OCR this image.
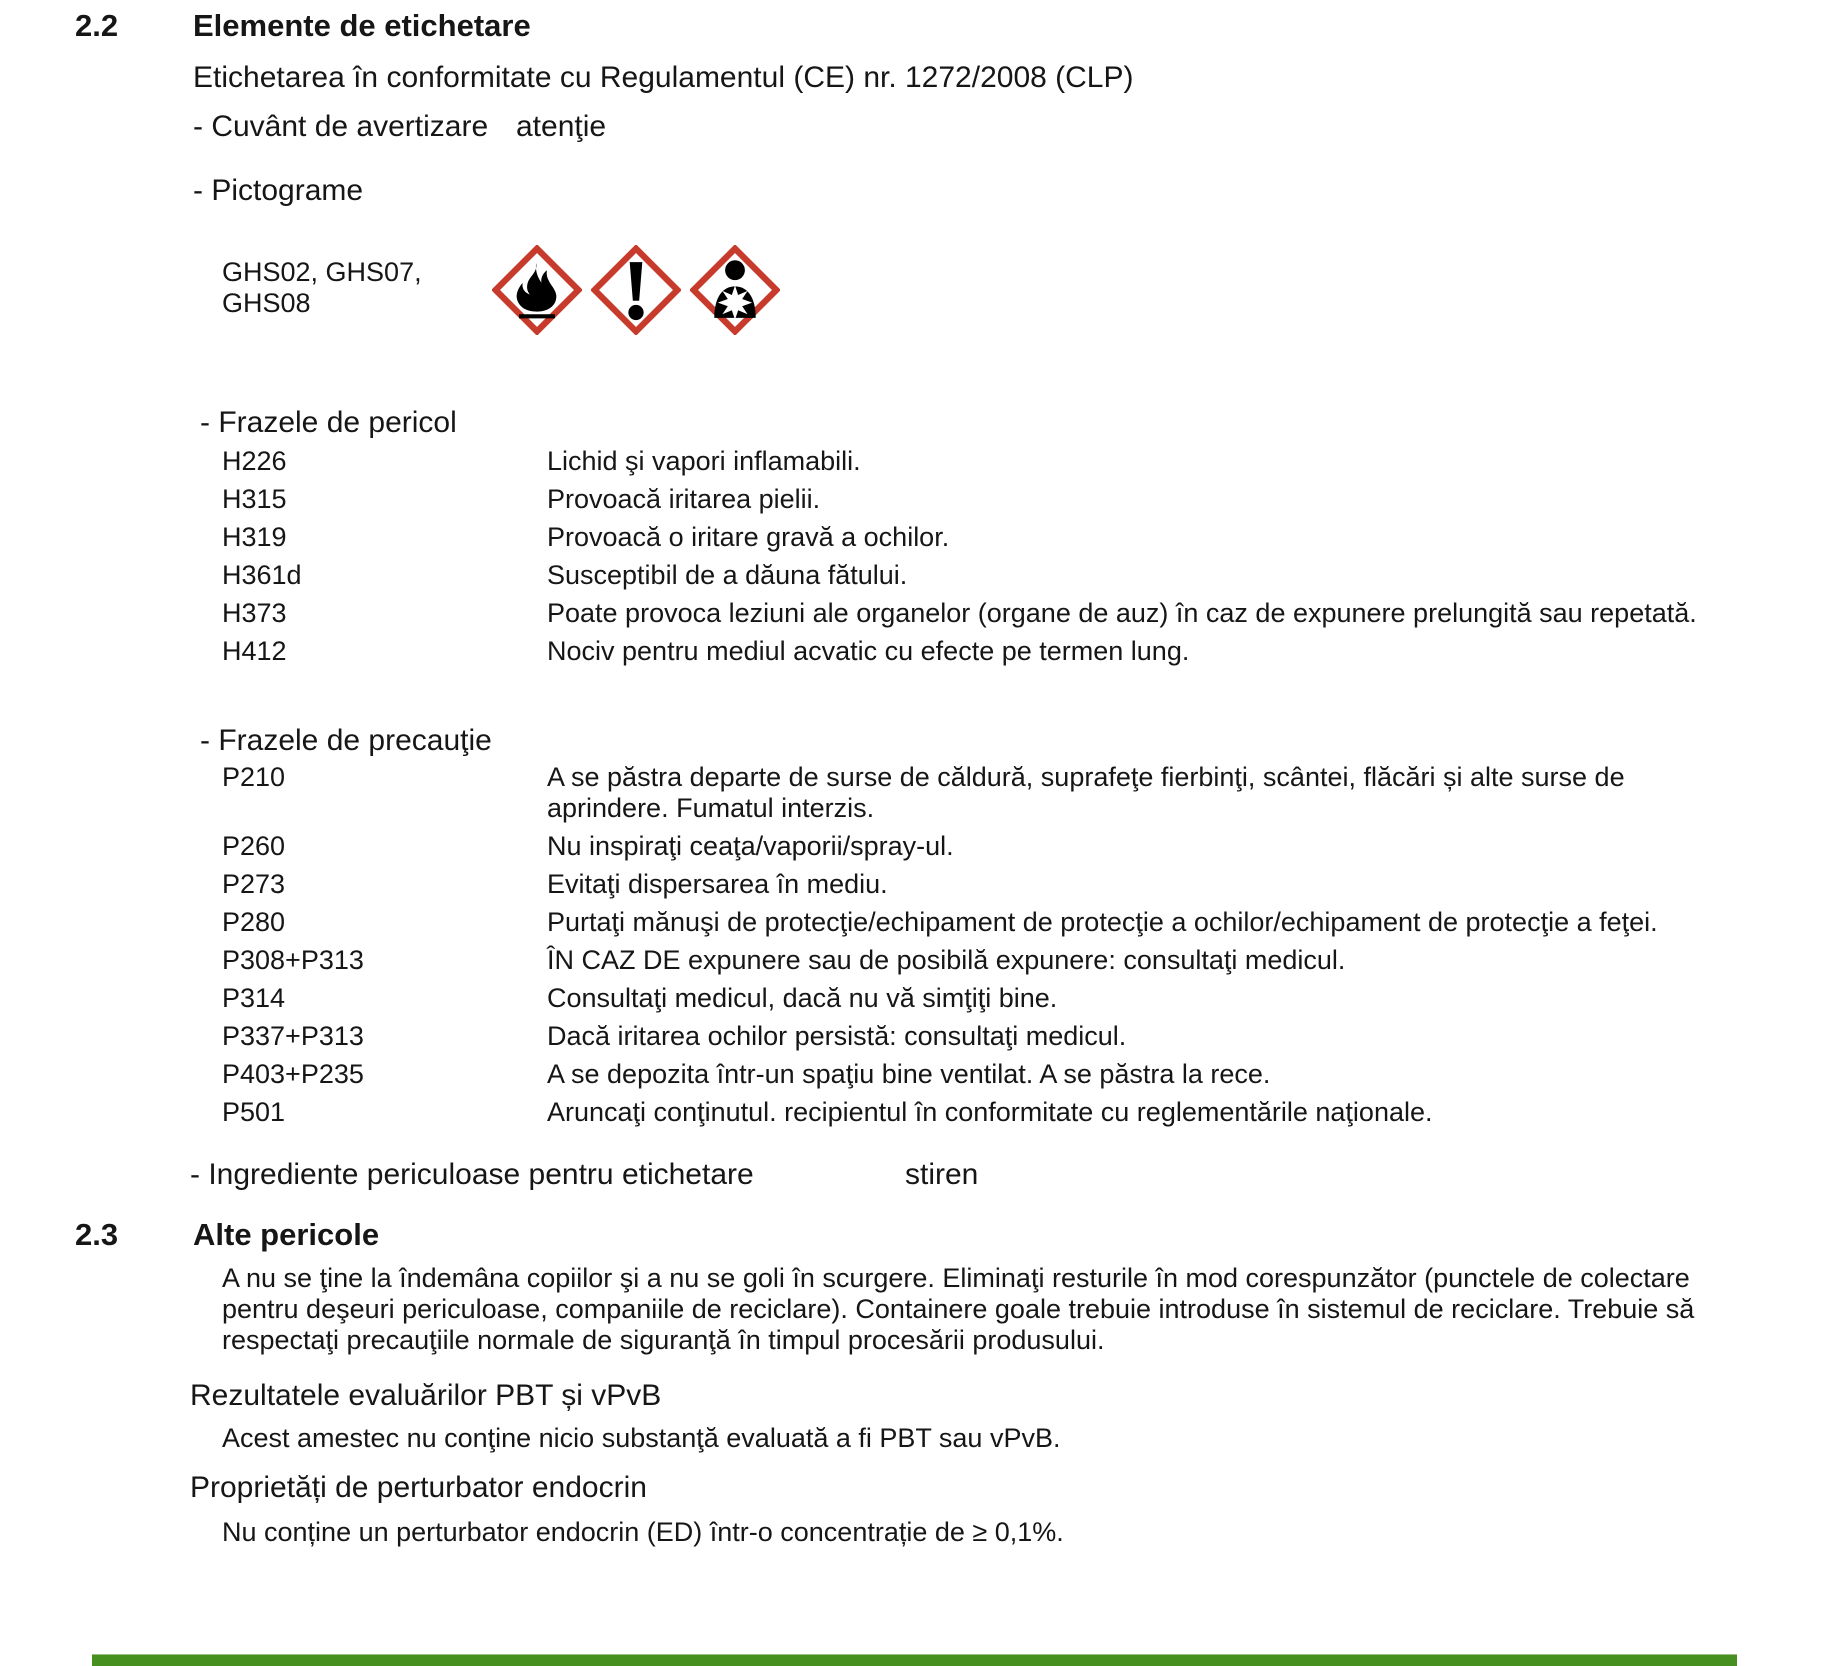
2.2	Elemente de etichetare
Etichetarea în conformitate cu Regulamentul (CE) nr. 1272/2008 (CLP)
- Cuvânt de avertizare atenţie
- Pictograme
GHS02, GHS07, GHS08
- Frazele de pericol
H226	Lichid şi vapori inflamabili.
H315	Provoacă iritarea pielii.
H319	Provoacă o iritare gravă a ochilor.
H361d	Susceptibil de a dăuna fătului.
H373	Poate provoca leziuni ale organelor (organe de auz) în caz de expunere prelungită sau repetată.
H412	Nociv pentru mediul acvatic cu efecte pe termen lung.
- Frazele de precauţie
P210	A se păstra departe de surse de căldură, suprafeţe fierbinţi, scântei, flăcări și alte surse de aprindere. Fumatul interzis.
P260	Nu inspiraţi ceaţa/vaporii/spray-ul.
P273	Evitaţi dispersarea în mediu.
P280	Purtaţi mănuşi de protecţie/echipament de protecţie a ochilor/echipament de protecţie a feţei.
P308+P313	ÎN CAZ DE expunere sau de posibilă expunere: consultaţi medicul.
P314	Consultaţi medicul, dacă nu vă simţiţi bine.
P337+P313	Dacă iritarea ochilor persistă: consultaţi medicul.
P403+P235	A se depozita într-un spaţiu bine ventilat. A se păstra la rece.
P501	Aruncaţi conţinutul. recipientul în conformitate cu reglementările naţionale.
- Ingrediente periculoase pentru etichetare	stiren
2.3	Alte pericole
A nu se ţine la îndemâna copiilor şi a nu se goli în scurgere. Eliminaţi resturile în mod corespunzător (punctele de colectare pentru deşeuri periculoase, companiile de reciclare). Containere goale trebuie introduse în sistemul de reciclare. Trebuie să respectaţi precauţiile normale de siguranţă în timpul procesării produsului.
Rezultatele evaluărilor PBT și vPvB
Acest amestec nu conţine nicio substanţă evaluată a fi PBT sau vPvB.
Proprietăți de perturbator endocrin
Nu conține un perturbator endocrin (ED) într-o concentrație de ≥ 0,1%.
